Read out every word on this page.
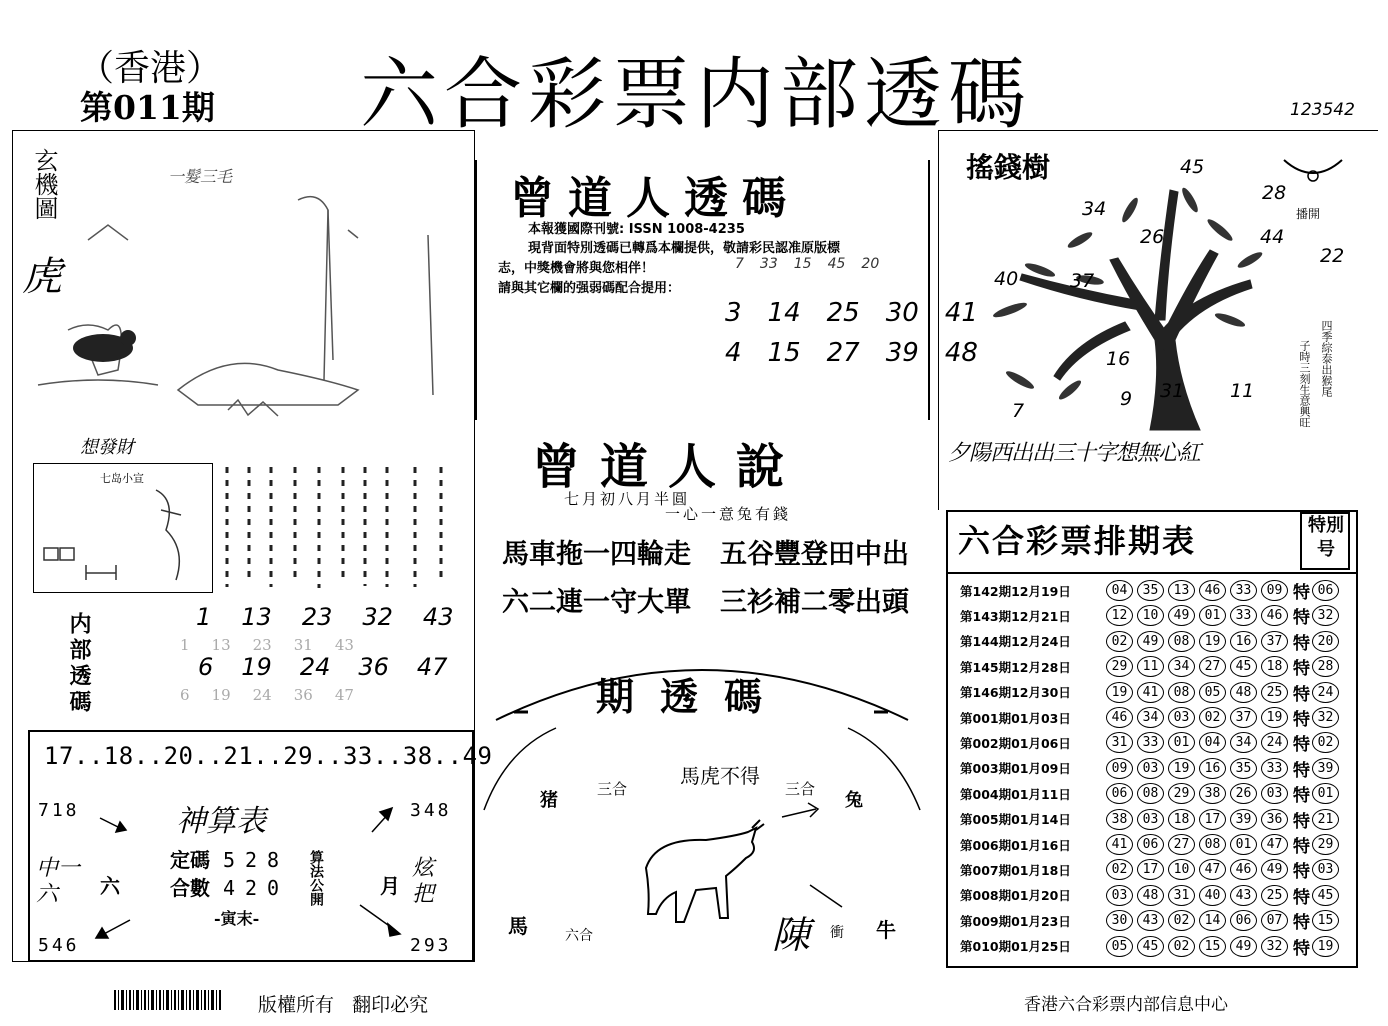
（香港）
第011期 六合彩票内部透碼	123542
玄機圖
虎
一髮三毛
想發財
七岛小宣
内部透碼	1 13 23 32 43
1 13 23 31 43
6 19 24 36 47
6 19 24 36 47
17..18..20..21..29..33..38..49
718	348
546	293
神算表
定碼 528
合數 420 算法公開
-寅末-
中一六	六	月
炫把
曾道人透碼
本報獲國際刊號: ISSN 1008-4235
現背面特別透碼已轉爲本欄提供，敬請彩民認准原版標
志，中獎機會將與您相伴！
請與其它欄的强弱碼配合提用：
7 33 15 45 20
3 14 25 30 41
4 15 27 39 48
曾道人說
七月初八月半圓
一心一意兔有錢
馬車拖一四輪走 五谷豐登田中出
六二連一守大單 三衫補二零出頭
期透碼
猪
三合
馬虎不得
三合
兔
馬	六合	陳 衝 牛
搖錢樹
播開
45
28
34
26	44
22
40	37
16
9 31 11
7
四季綜泰出猴尾
子時三刻生意興旺
夕陽西出出三十字想無心紅
六合彩票排期表	特別号
第142期12月19日	04	35	13	46	33	09 特 06
第143期12月21日	12	10	49	01	33	46 特 32
第144期12月24日	02	49	08	19	16	37 特 20
第145期12月28日	29	11	34	27	45	18 特 28
第146期12月30日	19	41	08	05	48	25 特 24
第001期01月03日	46	34	03	02	37	19 特 32
第002期01月06日	31	33	01	04	34	24 特 02
第003期01月09日	09	03	19	16	35	33 特 39
第004期01月11日	06	08	29	38	26	03 特 01
第005期01月14日	38	03	18	17	39	36 特 21
第006期01月16日	41	06	27	08	01	47 特 29
第007期01月18日	02	17	10	47	46	49 特 03
第008期01月20日	03	48	31	40	43	25 特 45
第009期01月23日	30	43	02	14	06	07 特 15
第010期01月25日	05	45	02	15	49	32 特 19
版權所有   翻印必究	香港六合彩票内部信息中心
